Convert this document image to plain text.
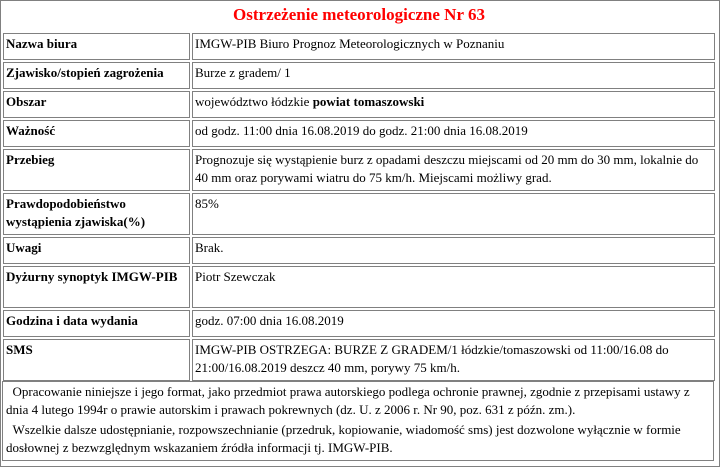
Ostrzeżenie meteorologiczne Nr 63
Nazwa biura	IMGW-PIB Biuro Prognoz Meteorologicznych w Poznaniu
Zjawisko/stopień zagrożenia	Burze z gradem/ 1
Obszar	województwo łódzkie powiat tomaszowski
Ważność	od godz. 11:00 dnia 16.08.2019 do godz. 21:00 dnia 16.08.2019
Przebieg	Prognozuje się wystąpienie burz z opadami deszczu miejscami od 20 mm do 30 mm, lokalnie do 40 mm oraz porywami wiatru do 75 km/h. Miejscami możliwy grad.
Prawdopodobieństwo wystąpienia zjawiska(%)	85%
Uwagi	Brak.
Dyżurny synoptyk IMGW-PIB	Piotr Szewczak
Godzina i data wydania	godz. 07:00 dnia 16.08.2019
SMS	IMGW-PIB OSTRZEGA: BURZE Z GRADEM/1 łódzkie/tomaszowski od 11:00/16.08 do 21:00/16.08.2019 deszcz 40 mm, porywy 75 km/h.

Opracowanie niniejsze i jego format, jako przedmiot prawa autorskiego podlega ochronie prawnej, zgodnie z przepisami ustawy z dnia 4 lutego 1994r o prawie autorskim i prawach pokrewnych (dz. U. z 2006 r. Nr 90, poz. 631 z późn. zm.).

Wszelkie dalsze udostępnianie, rozpowszechnianie (przedruk, kopiowanie, wiadomość sms) jest dozwolone wyłącznie w formie dosłownej z bezwzględnym wskazaniem źródła informacji tj. IMGW-PIB.
